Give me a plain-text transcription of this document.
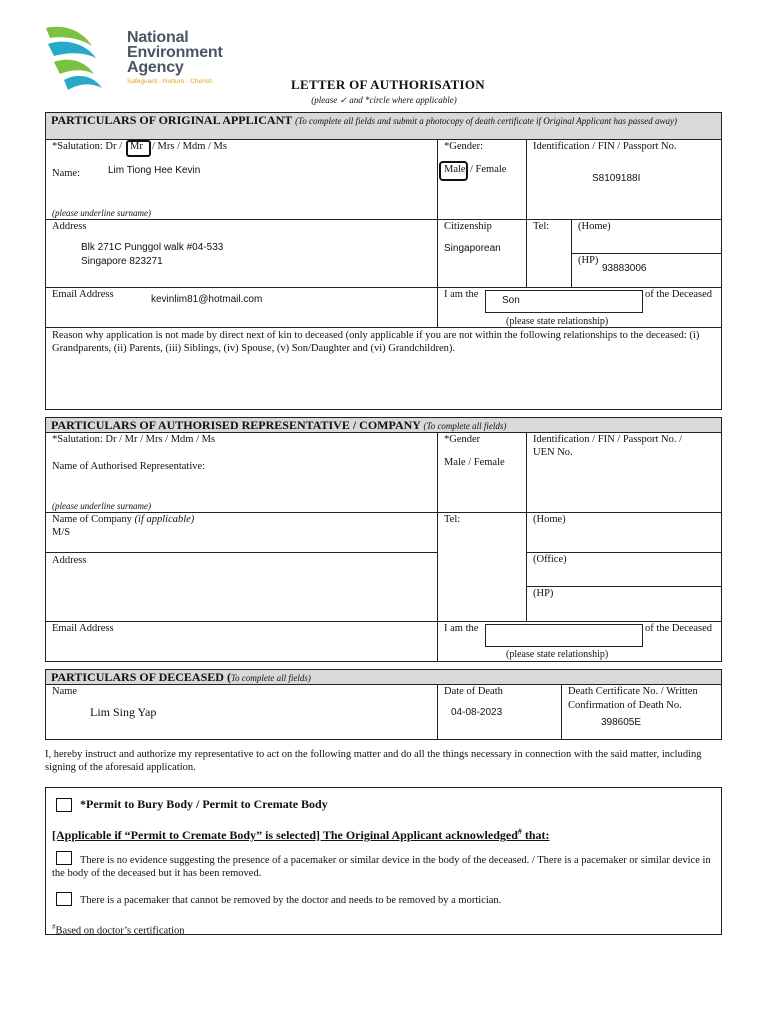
National
Environment
Agency
Safeguard · Nurture · Cherish	LETTER OF AUTHORISATION
(please ✓ and *circle where applicable)
PARTICULARS OF ORIGINAL APPLICANT (To complete all fields and submit a photocopy of death certificate if Original Applicant has passed away)
*Salutation: Dr / Mr / Mrs / Mdm / Ms
Name:	Lim Tiong Hee Kevin
(please underline surname)
*Gender:
Male / Female
Identification / FIN / Passport No.
S8109188I
Address
Blk 271C Punggol walk #04-533
Singapore 823271
Citizenship
Singaporean
Tel:	(Home)
(HP)
93883006
Email Address	kevinlim81@hotmail.com	I am the
Son
of the Deceased
(please state relationship)
Reason why application is not made by direct next of kin to deceased (only applicable if you are not within the following relationships to the deceased: (i) Grandparents, (ii) Parents, (iii) Siblings, (iv) Spouse, (v) Son/Daughter and (vi) Grandchildren).
PARTICULARS OF AUTHORISED REPRESENTATIVE / COMPANY (To complete all fields)
*Salutation: Dr / Mr / Mrs / Mdm / Ms
Name of Authorised Representative:
(please underline surname)
*Gender
Male / Female
Identification / FIN / Passport No. /
UEN No.
Name of Company (if applicable)
M/S
Address
Tel:	(Home)
(Office)
(HP)
Email Address	I am the	of the Deceased
(please state relationship)
PARTICULARS OF DECEASED (To complete all fields)
Name
Lim Sing Yap
Date of Death
04-08-2023
Death Certificate No. / Written
Confirmation of Death No.
398605E
I, hereby instruct and authorize my representative to act on the following matter and do all the things necessary in connection with the said matter, including signing of the aforesaid application.
*Permit to Bury Body / Permit to Cremate Body
[Applicable if “Permit to Cremate Body” is selected] The Original Applicant acknowledged# that:
There is no evidence suggesting the presence of a pacemaker or similar device in the body of the deceased. / There is a pacemaker or similar device in the body of the deceased but it has been removed.
There is a pacemaker that cannot be removed by the doctor and needs to be removed by a mortician.
#Based on doctor’s certification
